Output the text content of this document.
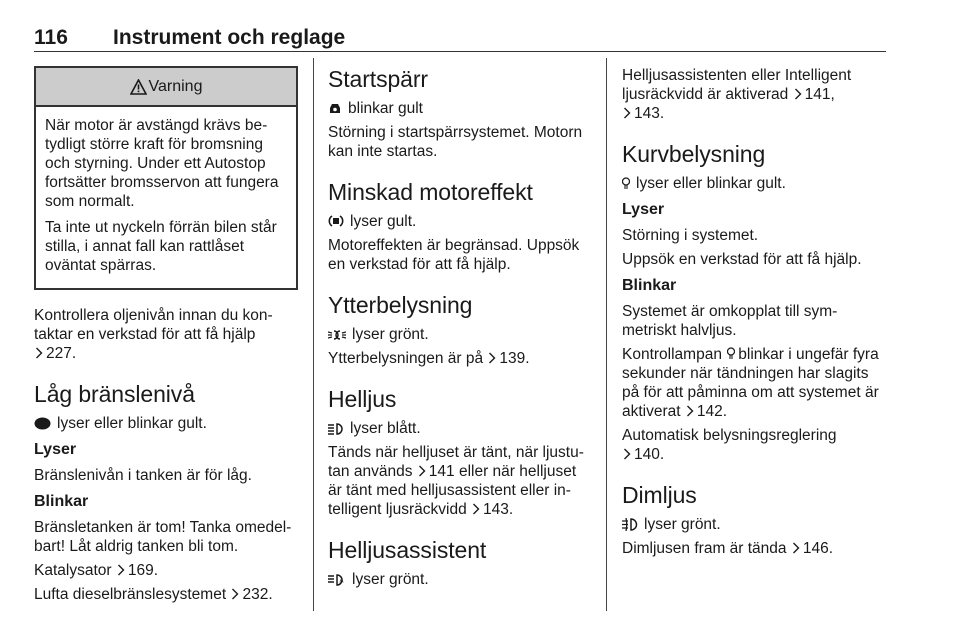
116 Instrument och reglage
Varning

När motor är avstängd krävs be-tydligt större kraft för bromsning och styrning. Under ett Autostop fortsätter bromsservon att fungera som normalt.

Ta inte ut nyckeln förrän bilen står stilla, i annat fall kan rattlåset oväntat spärras.

Kontrollera oljenivån innan du kon-taktar en verkstad för att få hjälp
227.

Låg bränslenivå

lyser eller blinkar gult.

Lyser

Bränslenivån i tanken är för låg.

Blinkar

Bränsletanken är tom! Tanka omedel-bart! Låt aldrig tanken bli tom.

Katalysator 169.

Lufta dieselbränslesystemet 232.

Startspärr

blinkar gult

Störning i startspärrsystemet. Motorn kan inte startas.

Minskad motoreffekt

lyser gult.

Motoreffekten är begränsad. Uppsök en verkstad för att få hjälp.

Ytterbelysning

lyser grönt.

Ytterbelysningen är på 139.

Helljus

lyser blått.

Tänds när helljuset är tänt, när ljustu-tan används 141 eller när helljuset är tänt med helljusassistent eller in-telligent ljusräckvidd 143.

Helljusassistent

A lyser grönt.

Helljusassistenten eller Intelligent ljusräckvidd är aktiverad 141,
143.

Kurvbelysning

lyser eller blinkar gult.

Lyser

Störning i systemet.

Uppsök en verkstad för att få hjälp.

Blinkar

Systemet är omkopplat till sym-metriskt halvljus.

Kontrollampan blinkar i ungefär fyra sekunder när tändningen har slagits på för att påminna om att systemet är aktiverat 142.

Automatisk belysningsreglering
140.

Dimljus

lyser grönt.

Dimljusen fram är tända 146.
